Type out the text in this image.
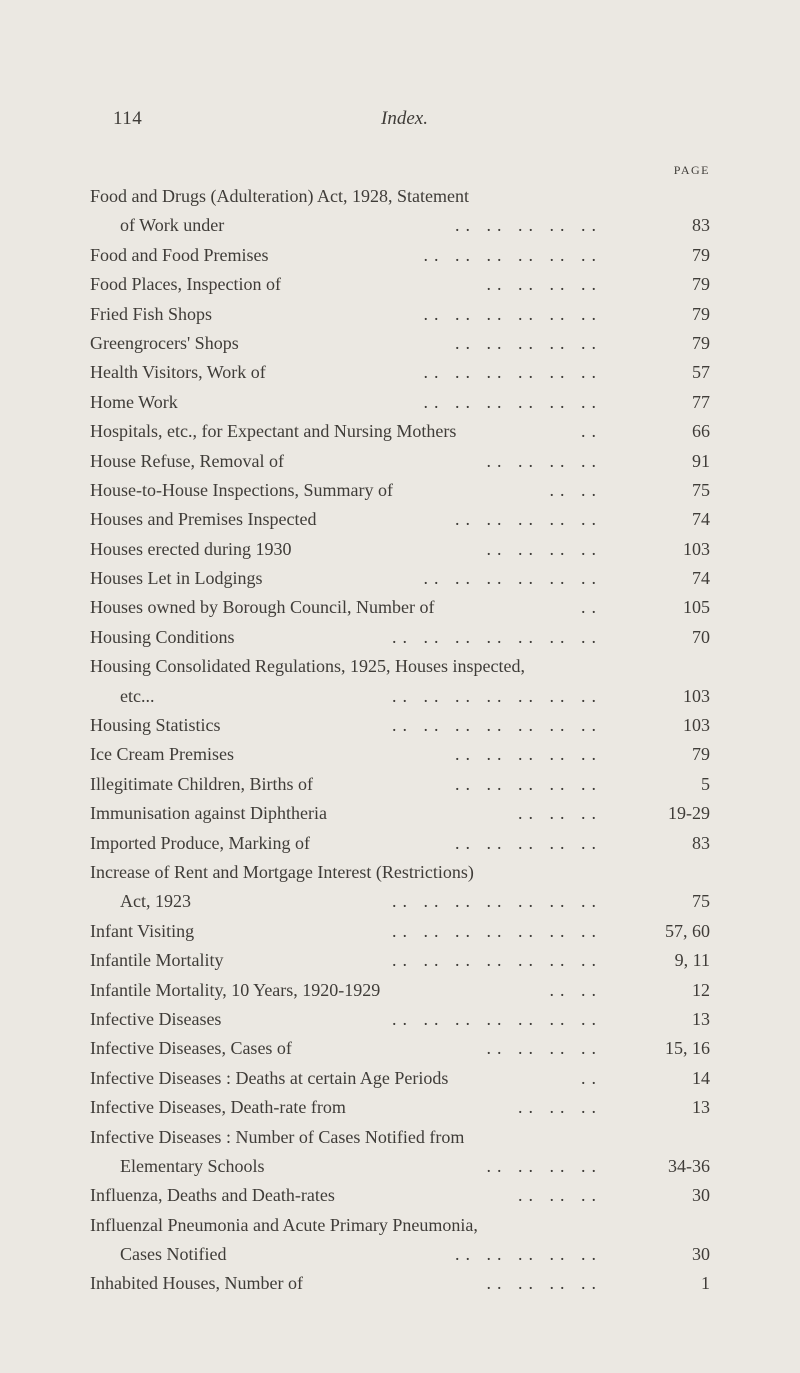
114	Index.
PAGE
Food and Drugs (Adulteration) Act, 1928, Statement
of Work under	.. .. .. .. ..	83
Food and Food Premises	.. .. .. .. .. ..	79
Food Places, Inspection of	.. .. .. ..	79
Fried Fish Shops	.. .. .. .. .. ..	79
Greengrocers' Shops	.. .. .. .. ..	79
Health Visitors, Work of	.. .. .. .. .. ..	57
Home Work	.. .. .. .. .. ..	77
Hospitals, etc., for Expectant and Nursing Mothers	..	66
House Refuse, Removal of	.. .. .. ..	91
House-to-House Inspections, Summary of	.. ..	75
Houses and Premises Inspected	.. .. .. .. ..	74
Houses erected during 1930	.. .. .. ..	103
Houses Let in Lodgings	.. .. .. .. .. ..	74
Houses owned by Borough Council, Number of	..	105
Housing Conditions	.. .. .. .. .. .. ..	70
Housing Consolidated Regulations, 1925, Houses inspected,
etc...	.. .. .. .. .. .. ..	103
Housing Statistics	.. .. .. .. .. .. ..	103
Ice Cream Premises	.. .. .. .. ..	79
Illegitimate Children, Births of	.. .. .. .. ..	5
Immunisation against Diphtheria	.. .. ..	19-29
Imported Produce, Marking of	.. .. .. .. ..	83
Increase of Rent and Mortgage Interest (Restrictions)
Act, 1923	.. .. .. .. .. .. ..	75
Infant Visiting	.. .. .. .. .. .. ..	57, 60
Infantile Mortality	.. .. .. .. .. .. ..	9, 11
Infantile Mortality, 10 Years, 1920-1929	.. ..	12
Infective Diseases	.. .. .. .. .. .. ..	13
Infective Diseases, Cases of	.. .. .. ..	15, 16
Infective Diseases : Deaths at certain Age Periods	..	14
Infective Diseases, Death-rate from	.. .. ..	13
Infective Diseases : Number of Cases Notified from
Elementary Schools	.. .. .. ..	34-36
Influenza, Deaths and Death-rates	.. .. ..	30
Influenzal Pneumonia and Acute Primary Pneumonia,
Cases Notified	.. .. .. .. ..	30
Inhabited Houses, Number of	.. .. .. ..	1
